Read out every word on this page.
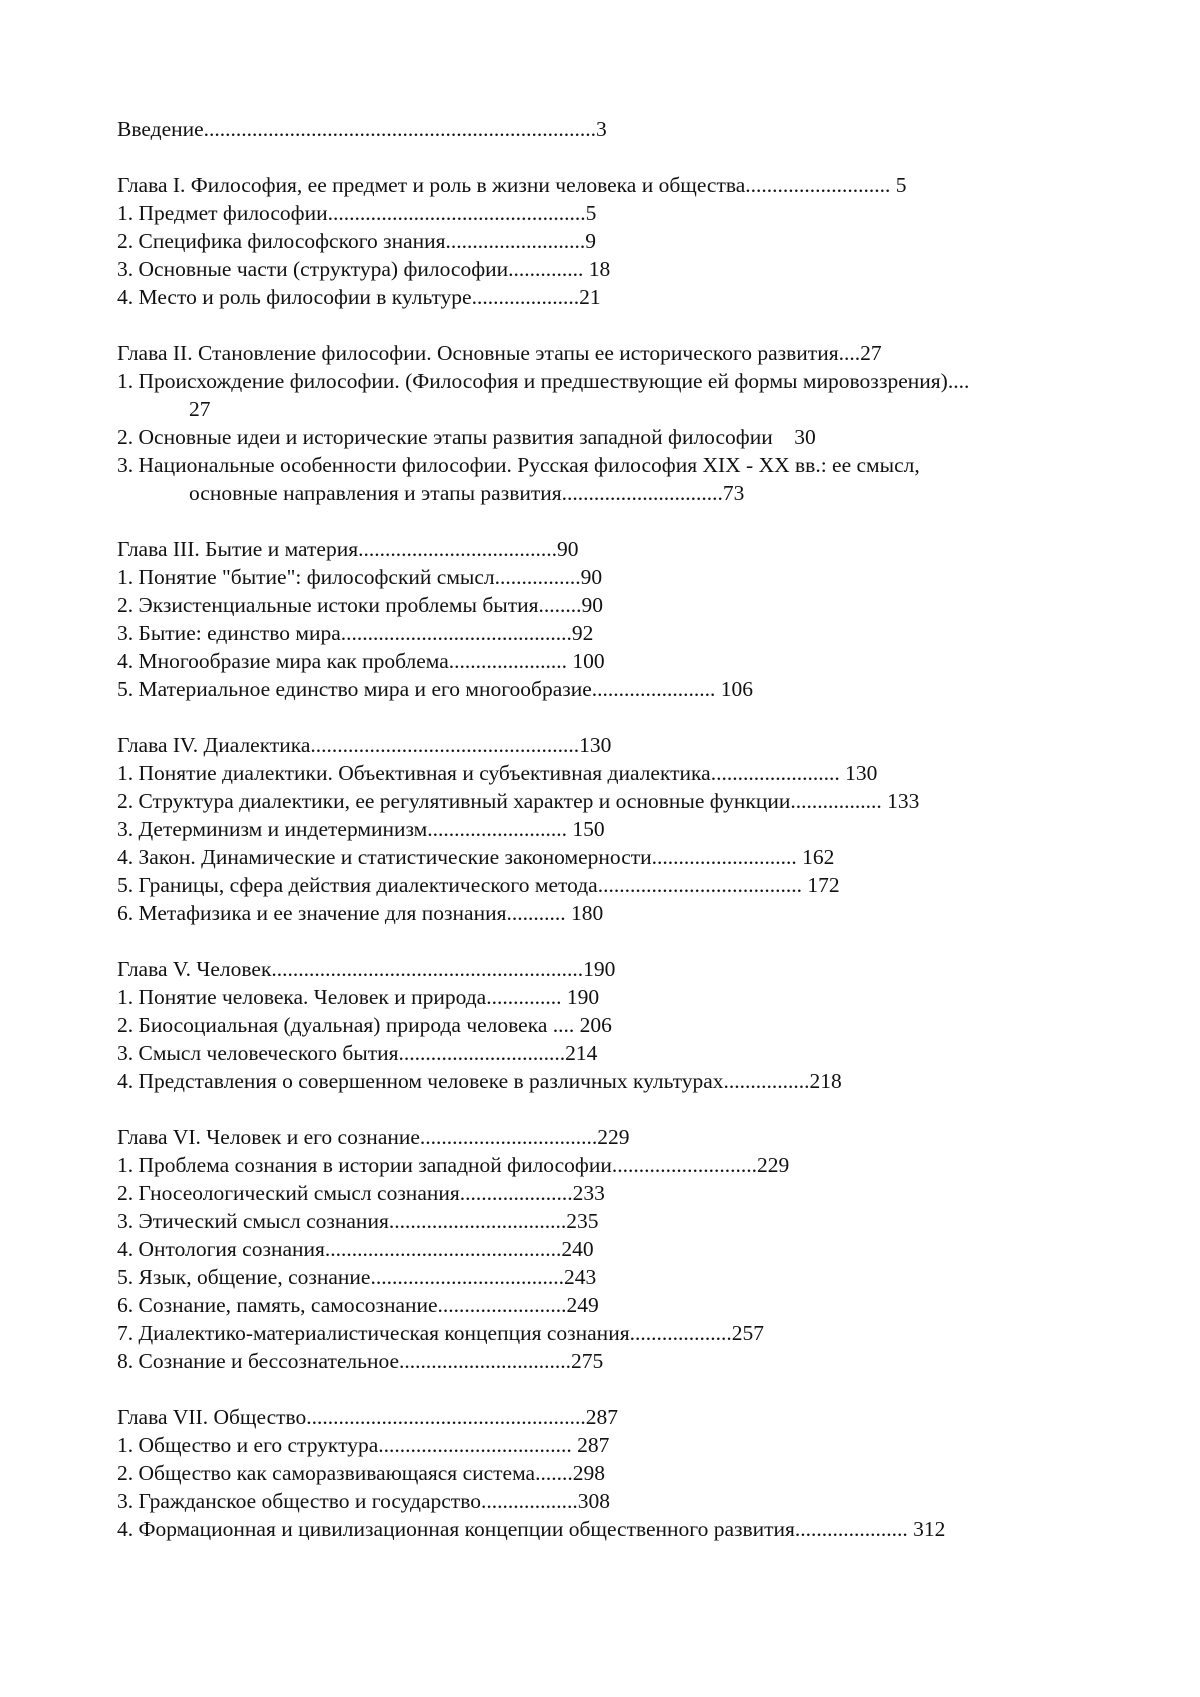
Введение.........................................................................3
Глава I. Философия, ее предмет и роль в жизни человека и общества........................... 5
1. Предмет философии................................................5
2. Специфика философского знания..........................9
3. Основные части (структура) философии.............. 18
4. Место и роль философии в культуре....................21
Глава II. Становление философии. Основные этапы ее исторического развития....27
1. Происхождение философии. (Философия и предшествующие ей формы мировоззрения)....
27
2. Основные идеи и исторические этапы развития западной философии    30
3. Национальные особенности философии. Русская философия XIX - XX вв.: ее смысл,
основные направления и этапы развития..............................73
Глава III. Бытие и материя.....................................90
1. Понятие "бытие": философский смысл................90
2. Экзистенциальные истоки проблемы бытия........90
3. Бытие: единство мира...........................................92
4. Многообразие мира как проблема...................... 100
5. Материальное единство мира и его многообразие....................... 106
Глава IV. Диалектика..................................................130
1. Понятие диалектики. Объективная и субъективная диалектика........................ 130
2. Структура диалектики, ее регулятивный характер и основные функции................. 133
3. Детерминизм и индетерминизм.......................... 150
4. Закон. Динамические и статистические закономерности........................... 162
5. Границы, сфера действия диалектического метода...................................... 172
6. Метафизика и ее значение для познания........... 180
Глава V. Человек..........................................................190
1. Понятие человека. Человек и природа.............. 190
2. Биосоциальная (дуальная) природа человека .... 206
3. Смысл человеческого бытия...............................214
4. Представления о совершенном человеке в различных культурах................218
Глава VI. Человек и его сознание.................................229
1. Проблема сознания в истории западной философии...........................229
2. Гносеологический смысл сознания.....................233
3. Этический смысл сознания.................................235
4. Онтология сознания............................................240
5. Язык, общение, сознание....................................243
6. Сознание, память, самосознание........................249
7. Диалектико-материалистическая концепция сознания...................257
8. Сознание и бессознательное................................275
Глава VII. Общество....................................................287
1. Общество и его структура.................................... 287
2. Общество как саморазвивающаяся система.......298
3. Гражданское общество и государство..................308
4. Формационная и цивилизационная концепции общественного развития..................... 312
